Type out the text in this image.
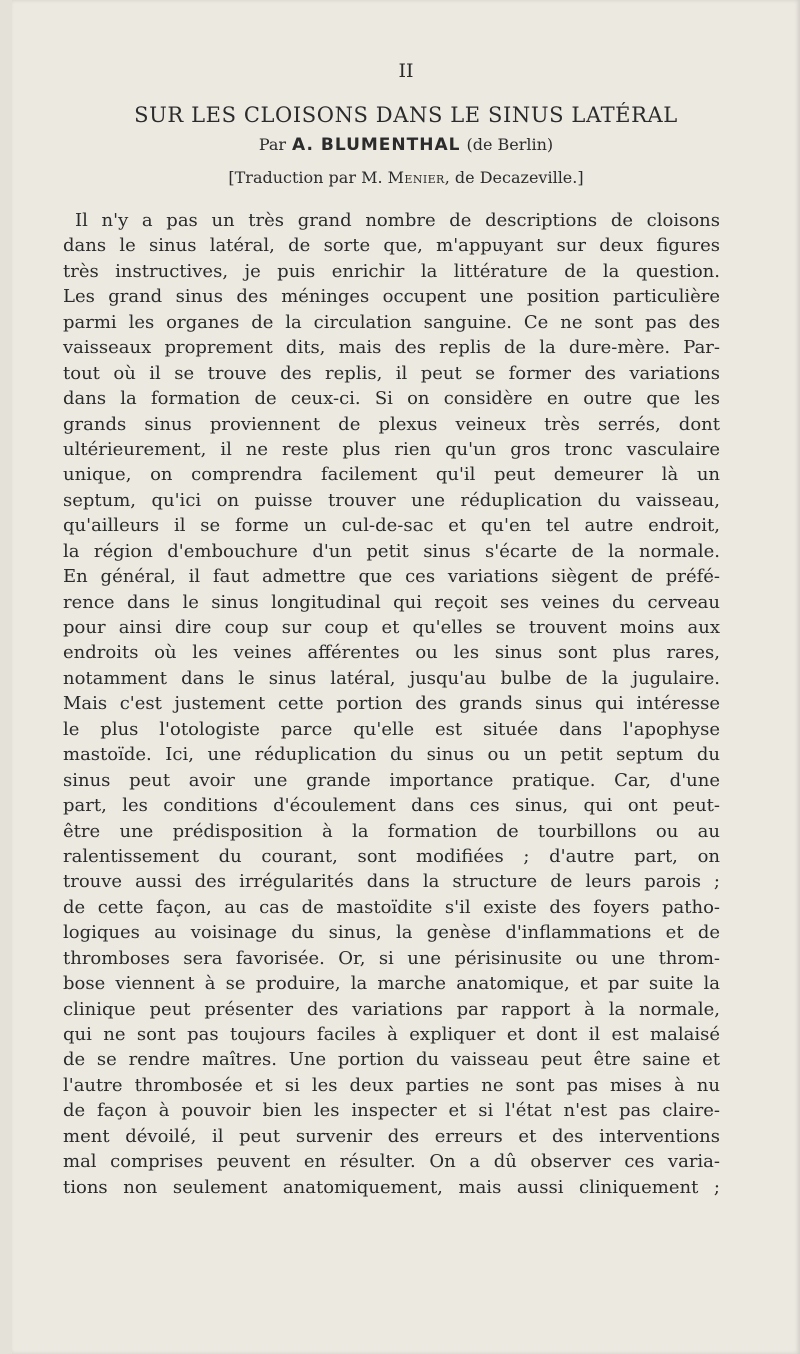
II
SUR LES CLOISONS DANS LE SINUS LATÉRAL
Par A. BLUMENTHAL (de Berlin)
[Traduction par M. Menier, de Decazeville.]
Il n'y a pas un très grand nombre de descriptions de cloisons
dans le sinus latéral, de sorte que, m'appuyant sur deux figures
très instructives, je puis enrichir la littérature de la question.
Les grand sinus des méninges occupent une position particulière
parmi les organes de la circulation sanguine. Ce ne sont pas des
vaisseaux proprement dits, mais des replis de la dure-mère. Par-
tout où il se trouve des replis, il peut se former des variations
dans la formation de ceux-ci. Si on considère en outre que les
grands sinus proviennent de plexus veineux très serrés, dont
ultérieurement, il ne reste plus rien qu'un gros tronc vasculaire
unique, on comprendra facilement qu'il peut demeurer là un
septum, qu'ici on puisse trouver une réduplication du vaisseau,
qu'ailleurs il se forme un cul-de-sac et qu'en tel autre endroit,
la région d'embouchure d'un petit sinus s'écarte de la normale.
En général, il faut admettre que ces variations siègent de préfé-
rence dans le sinus longitudinal qui reçoit ses veines du cerveau
pour ainsi dire coup sur coup et qu'elles se trouvent moins aux
endroits où les veines afférentes ou les sinus sont plus rares,
notamment dans le sinus latéral, jusqu'au bulbe de la jugulaire.
Mais c'est justement cette portion des grands sinus qui intéresse
le plus l'otologiste parce qu'elle est située dans l'apophyse
mastoïde. Ici, une réduplication du sinus ou un petit septum du
sinus peut avoir une grande importance pratique. Car, d'une
part, les conditions d'écoulement dans ces sinus, qui ont peut-
être une prédisposition à la formation de tourbillons ou au
ralentissement du courant, sont modifiées ; d'autre part, on
trouve aussi des irrégularités dans la structure de leurs parois ;
de cette façon, au cas de mastoïdite s'il existe des foyers patho-
logiques au voisinage du sinus, la genèse d'inflammations et de
thromboses sera favorisée. Or, si une périsinusite ou une throm-
bose viennent à se produire, la marche anatomique, et par suite la
clinique peut présenter des variations par rapport à la normale,
qui ne sont pas toujours faciles à expliquer et dont il est malaisé
de se rendre maîtres. Une portion du vaisseau peut être saine et
l'autre thrombosée et si les deux parties ne sont pas mises à nu
de façon à pouvoir bien les inspecter et si l'état n'est pas claire-
ment dévoilé, il peut survenir des erreurs et des interventions
mal comprises peuvent en résulter. On a dû observer ces varia-
tions non seulement anatomiquement, mais aussi cliniquement ;
